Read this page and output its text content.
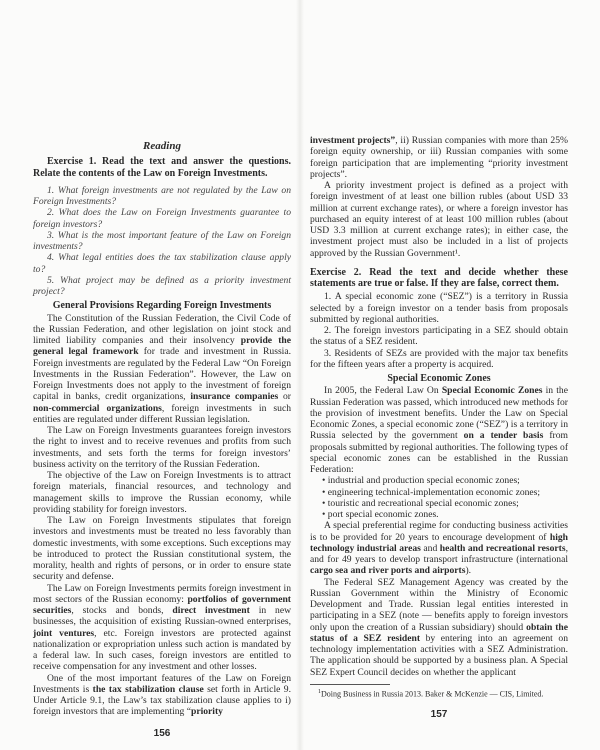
Reading

Exercise 1. Read the text and answer the questions. Relate the contents of the Law on Foreign Investments.

1. What foreign investments are not regulated by the Law on Foreign Investments?

2. What does the Law on Foreign Investments guarantee to foreign investors?

3. What is the most important feature of the Law on Foreign investments?

4. What legal entities does the tax stabilization clause apply to?

5. What project may be defined as a priority investment project?

General Provisions Regarding Foreign Investments

The Constitution of the Russian Federation, the Civil Code of the Russian Federation, and other legislation on joint stock and limited liability companies and their insolvency provide the general legal framework for trade and investment in Russia. Foreign investments are regulated by the Federal Law “On Foreign Investments in the Russian Federation”. However, the Law on Foreign Investments does not apply to the investment of foreign capital in banks, credit organizations, insurance companies or non-commercial organizations, foreign investments in such entities are regulated under different Russian legislation.

The Law on Foreign Investments guarantees foreign investors the right to invest and to receive revenues and profits from such investments, and sets forth the terms for foreign investors’ business activity on the territory of the Russian Federation.

The objective of the Law on Foreign Investments is to attract foreign materials, financial resources, and technology and management skills to improve the Russian economy, while providing stability for foreign investors.

The Law on Foreign Investments stipulates that foreign investors and investments must be treated no less favorably than domestic investments, with some exceptions. Such exceptions may be introduced to protect the Russian constitutional system, the morality, health and rights of persons, or in order to ensure state security and defense.

The Law on Foreign Investments permits foreign investment in most sectors of the Russian economy: portfolios of government securities, stocks and bonds, direct investment in new businesses, the acquisition of existing Russian-owned enterprises, joint ventures, etc. Foreign investors are protected against nationalization or expropriation unless such action is mandated by a federal law. In such cases, foreign investors are entitled to receive compensation for any investment and other losses.

One of the most important features of the Law on Foreign Investments is the tax stabilization clause set forth in Article 9. Under Article 9.1, the Law’s tax stabilization clause applies to i) foreign investors that are implementing “priority

156

investment projects”, ii) Russian companies with more than 25% foreign equity ownership, or iii) Russian companies with some foreign participation that are implementing “priority investment projects”.

A priority investment project is defined as a project with foreign investment of at least one billion rubles (about USD 33 million at current exchange rates), or where a foreign investor has purchased an equity interest of at least 100 million rubles (about USD 3.3 million at current exchange rates); in either case, the investment project must also be included in a list of projects approved by the Russian Government¹.

Exercise 2. Read the text and decide whether these statements are true or false. If they are false, correct them.

1. A special economic zone (“SEZ”) is a territory in Russia selected by a foreign investor on a tender basis from proposals submitted by regional authorities.

2. The foreign investors participating in a SEZ should obtain the status of a SEZ resident.

3. Residents of SEZs are provided with the major tax benefits for the fifteen years after a property is acquired.

Special Economic Zones

In 2005, the Federal Law On Special Economic Zones in the Russian Federation was passed, which introduced new methods for the provision of investment benefits. Under the Law on Special Economic Zones, a special economic zone (“SEZ”) is a territory in Russia selected by the government on a tender basis from proposals submitted by regional authorities. The following types of special economic zones can be established in the Russian Federation:

• industrial and production special economic zones;

• engineering technical-implementation economic zones;

• touristic and recreational special economic zones;

• port special economic zones.

A special preferential regime for conducting business activities is to be provided for 20 years to encourage development of high technology industrial areas and health and recreational resorts, and for 49 years to develop transport infrastructure (international cargo sea and river ports and airports).

The Federal SEZ Management Agency was created by the Russian Government within the Ministry of Economic Development and Trade. Russian legal entities interested in participating in a SEZ (note — benefits apply to foreign investors only upon the creation of a Russian subsidiary) should obtain the status of a SEZ resident by entering into an agreement on technology implementation activities with a SEZ Administration. The application should be supported by a business plan. A Special SEZ Expert Council decides on whether the applicant

$^1$Doing Business in Russia 2013. Baker & McKenzie — CIS, Limited.
157
